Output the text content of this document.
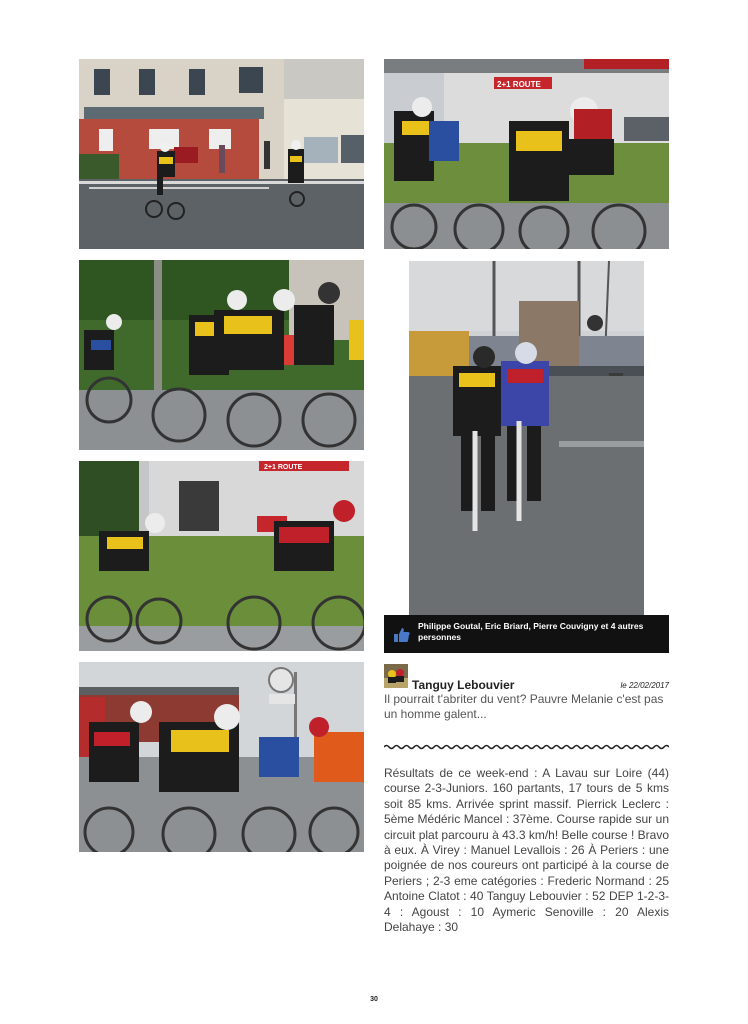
2+1 ROUTE
2+1 ROUTE
Philippe Goutal, Eric Briard, Pierre Couvigny et 4 autres personnes
Tanguy Lebouvier	le 22/02/2017
Il pourrait t'abriter du vent? Pauvre Melanie c'est pas un homme galent...
Résultats de ce week-end : A Lavau sur Loire (44) course 2-3-Juniors. 160 partants, 17 tours de 5 kms soit 85 kms. Arrivée sprint massif. Pierrick Leclerc : 5ème Médéric Mancel : 37ème. Course rapide sur un circuit plat parcouru à 43.3 km/h! Belle course ! Bravo à eux. À Virey : Manuel Levallois : 26 À Periers : une poignée de nos coureurs ont participé à la course de Periers ; 2-3 eme catégories : Frederic Normand : 25 Antoine Clatot : 40 Tanguy Lebouvier : 52 DEP 1-2-3-4 : Agoust : 10 Aymeric Senoville : 20 Alexis Delahaye : 30
30
